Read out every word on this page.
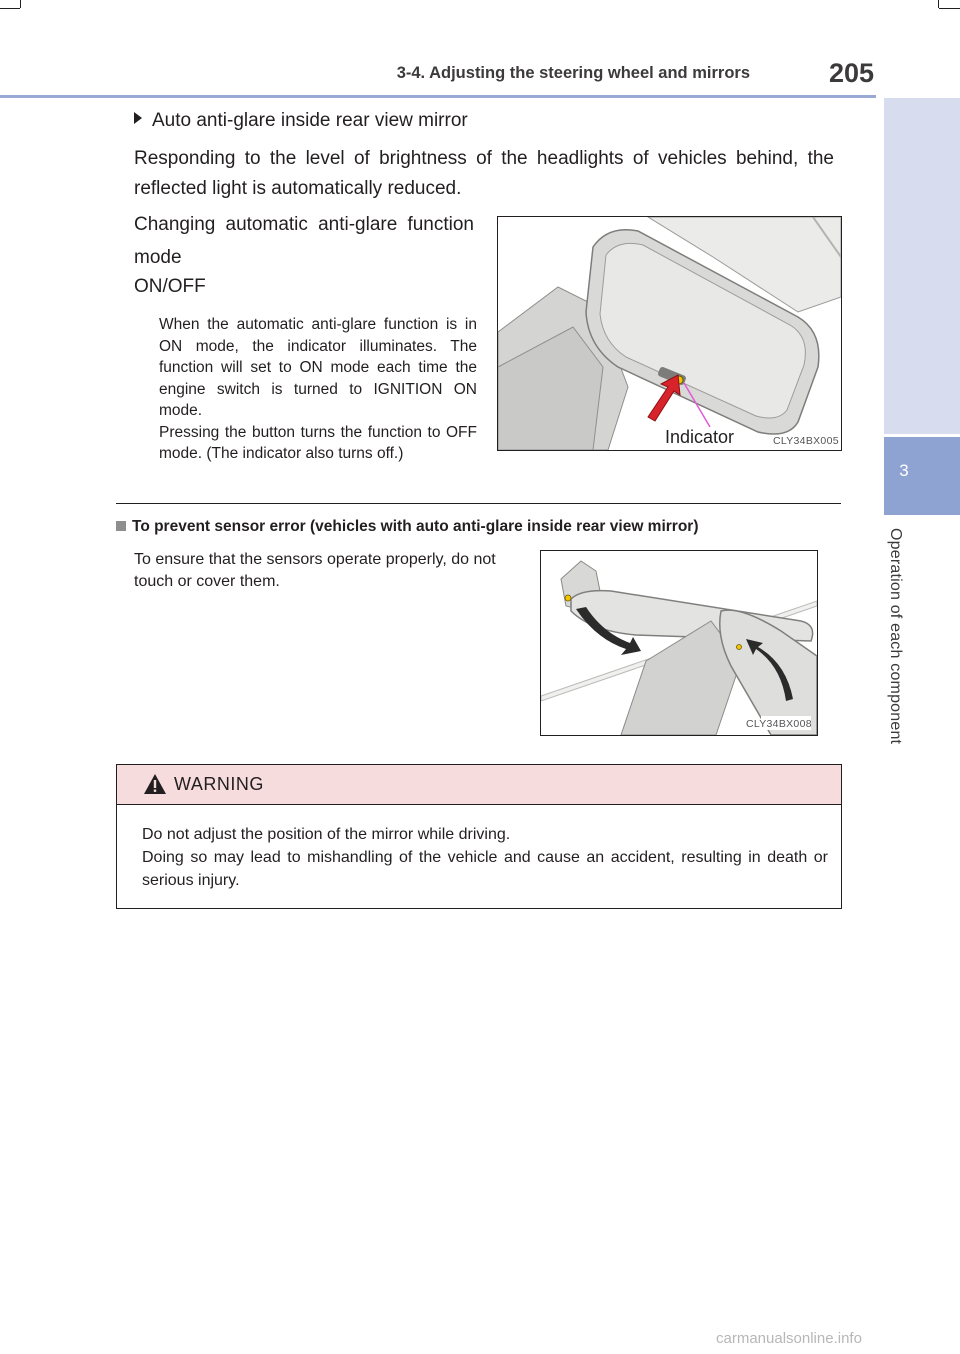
3-4. Adjusting the steering wheel and mirrors	205
3
Operation of each component
Auto anti-glare inside rear view mirror
Responding to the level of brightness of the headlights of vehicles behind, the reflected light is automatically reduced.
Changing automatic anti-glare function mode
ON/OFF
When the automatic anti-glare function is in ON mode, the indicator illuminates. The function will set to ON mode each time the engine switch is turned to IGNITION ON mode.
Pressing the button turns the function to OFF mode. (The indicator also turns off.)
Indicator	CLY34BX005
To prevent sensor error (vehicles with auto anti-glare inside rear view mirror)
To ensure that the sensors operate properly, do not touch or cover them.
CLY34BX008
WARNING

Do not adjust the position of the mirror while driving.

Doing so may lead to mishandling of the vehicle and cause an accident, resulting in death or serious injury.

carmanualsonline.info
